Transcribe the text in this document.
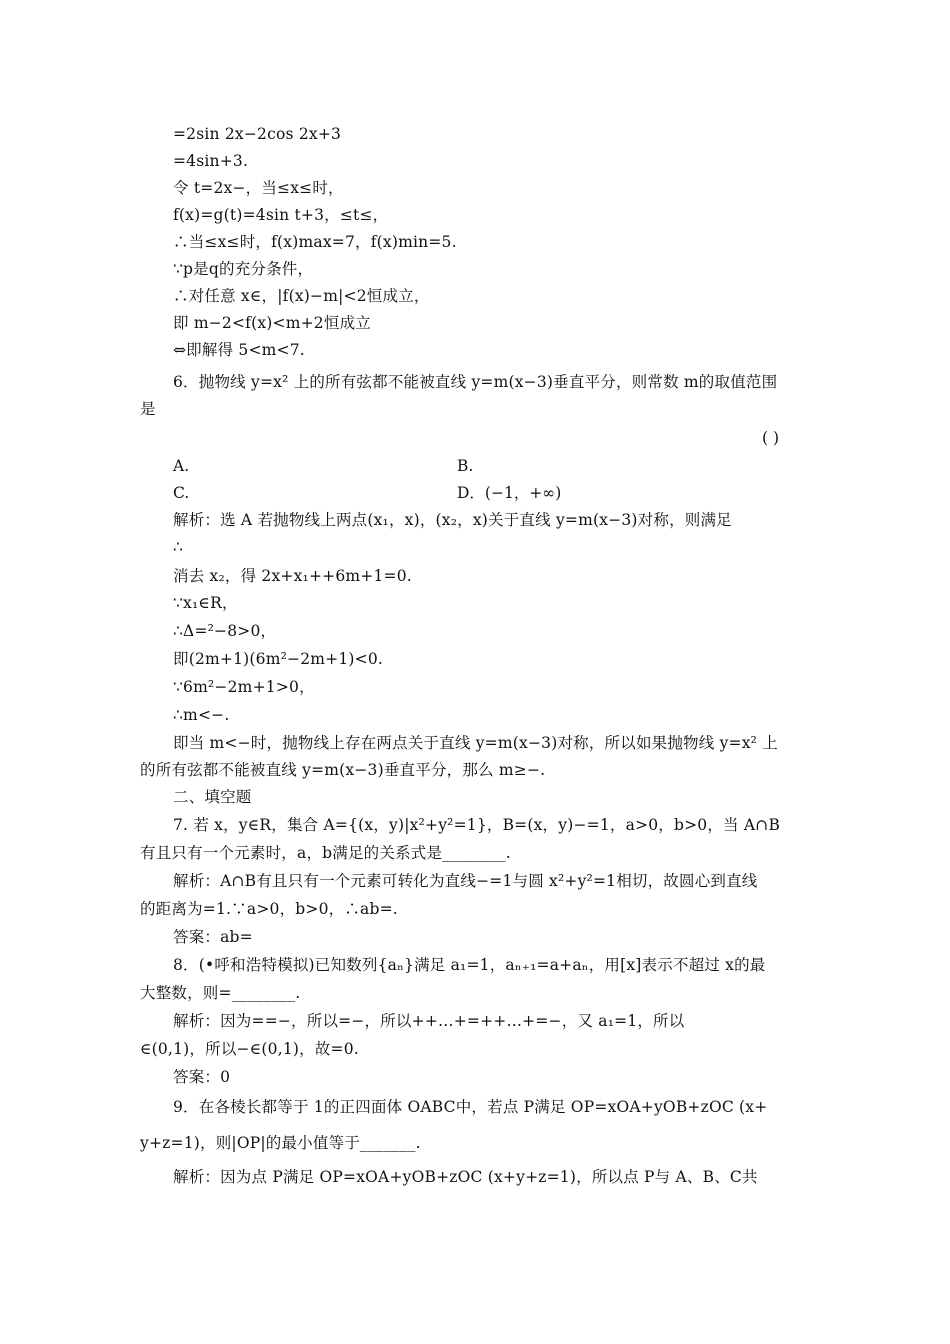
=2sin 2x−2cos 2x+3
=4sin+3.
令 t=2x−，当≤x≤时，
f(x)=g(t)=4sin t+3，≤t≤，
∴当≤x≤时，f(x)max=7，f(x)min=5.
∵p是q的充分条件，
∴对任意 x∈，|f(x)−m|<2恒成立，
即 m−2<f(x)<m+2恒成立
⇔即解得 5<m<7.
6．抛物线 y=x² 上的所有弦都不能被直线 y=m(x−3)垂直平分，则常数 m的取值范围
是
( )
A.	B.
C.	D．(−1，+∞)
解析：选 A 若抛物线上两点(x₁，x)，(x₂，x)关于直线 y=m(x−3)对称，则满足
∴
消去 x₂，得 2x+x₁++6m+1=0.
∵x₁∈R，
∴Δ=²−8>0，
即(2m+1)(6m²−2m+1)<0.
∵6m²−2m+1>0，
∴m<−.
即当 m<−时，抛物线上存在两点关于直线 y=m(x−3)对称，所以如果抛物线 y=x² 上
的所有弦都不能被直线 y=m(x−3)垂直平分，那么 m≥−.
二、填空题
7. 若 x，y∈R，集合 A={(x，y)|x²+y²=1}，B=(x，y)−=1，a>0，b>0，当 A∩B
有且只有一个元素时，a，b满足的关系式是________.
解析：A∩B有且只有一个元素可转化为直线−=1与圆 x²+y²=1相切，故圆心到直线
的距离为=1.∵a>0，b>0，∴ab=.
答案：ab=
8．(•呼和浩特模拟)已知数列{aₙ}满足 a₁=1，aₙ₊₁=a+aₙ，用[x]表示不超过 x的最
大整数，则=________.
解析：因为==−，所以=−，所以++…+=++…+=−，又 a₁=1，所以
∈(0,1)，所以−∈(0,1)，故=0.
答案：0
9．在各棱长都等于 1的正四面体 OABC中，若点 P满足 OP=xOA+yOB+zOC (x+
y+z=1)，则|OP|的最小值等于_______.
解析：因为点 P满足 OP=xOA+yOB+zOC (x+y+z=1)，所以点 P与 A、B、C共
